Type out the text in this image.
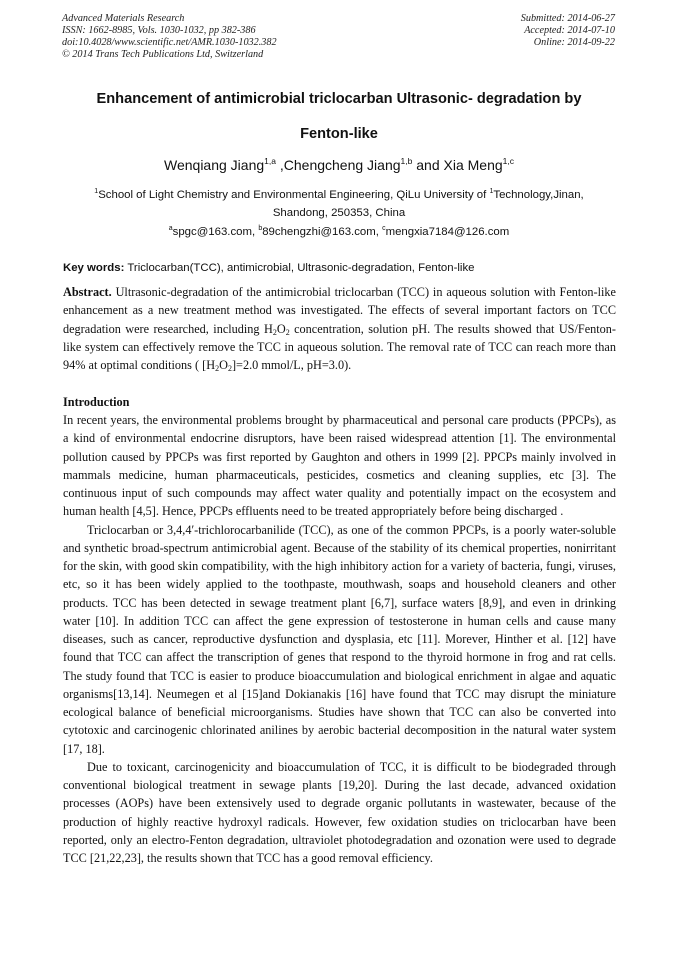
Advanced Materials Research
ISSN: 1662-8985, Vols. 1030-1032, pp 382-386
doi:10.4028/www.scientific.net/AMR.1030-1032.382
© 2014 Trans Tech Publications Ltd, Switzerland
Submitted: 2014-06-27
Accepted: 2014-07-10
Online: 2014-09-22
Enhancement of antimicrobial triclocarban Ultrasonic- degradation by
Fenton-like
Wenqiang Jiang$^{1,a}$ ,Chengcheng Jiang$^{1,b}$ and Xia Meng$^{1,c}$
$^1$School of Light Chemistry and Environmental Engineering, QiLu University of $^1$Technology,Jinan,
Shandong, 250353, China
$^a$spgc@163.com, $^b$89chengzhi@163.com, $^c$mengxia7184@126.com
Key words: Triclocarban(TCC), antimicrobial, Ultrasonic-degradation, Fenton-like

Abstract. Ultrasonic-degradation of the antimicrobial triclocarban (TCC) in aqueous solution with Fenton-like enhancement as a new treatment method was investigated. The effects of several important factors on TCC degradation were researched, including $H_2O_2$ concentration, solution pH. The results showed that US/Fenton-like system can effectively remove the TCC in aqueous solution. The removal rate of TCC can reach more than 94% at optimal conditions ( $[H_2O_2]=2.0$ mmol/L, pH=3.0).

Introduction

In recent years, the environmental problems brought by pharmaceutical and personal care products (PPCPs), as a kind of environmental endocrine disruptors, have been raised widespread attention [1]. The environmental pollution caused by PPCPs was first reported by Gaughton and others in 1999 [2]. PPCPs mainly involved in mammals medicine, human pharmaceuticals, pesticides, cosmetics and cleaning supplies, etc [3]. The continuous input of such compounds may affect water quality and potentially impact on the ecosystem and human health [4,5]. Hence, PPCPs effluents need to be treated appropriately before being discharged .

Triclocarban or 3,4,4′-trichlorocarbanilide (TCC), as one of the common PPCPs, is a poorly water-soluble and synthetic broad-spectrum antimicrobial agent. Because of the stability of its chemical properties, nonirritant for the skin, with good skin compatibility, with the high inhibitory action for a variety of bacteria, fungi, viruses, etc, so it has been widely applied to the toothpaste, mouthwash, soaps and household cleaners and other products. TCC has been detected in sewage treatment plant [6,7], surface waters [8,9], and even in drinking water [10]. In addition TCC can affect the gene expression of testosterone in human cells and cause many diseases, such as cancer, reproductive dysfunction and dysplasia, etc [11]. Morever, Hinther et al. [12] have found that TCC can affect the transcription of genes that respond to the thyroid hormone in frog and rat cells. The study found that TCC is easier to produce bioaccumulation and biological enrichment in algae and aquatic organisms[13,14]. Neumegen et al [15]and Dokianakis [16] have found that TCC may disrupt the miniature ecological balance of beneficial microorganisms. Studies have shown that TCC can also be converted into cytotoxic and carcinogenic chlorinated anilines by aerobic bacterial decomposition in the natural water system [17, 18].

Due to toxicant, carcinogenicity and bioaccumulation of TCC, it is difficult to be biodegraded through conventional biological treatment in sewage plants [19,20]. During the last decade, advanced oxidation processes (AOPs) have been extensively used to degrade organic pollutants in wastewater, because of the production of highly reactive hydroxyl radicals. However, few oxidation studies on triclocarban have been reported, only an electro-Fenton degradation, ultraviolet photodegradation and ozonation were used to degrade TCC [21,22,23], the results shown that TCC has a good removal efficiency.
